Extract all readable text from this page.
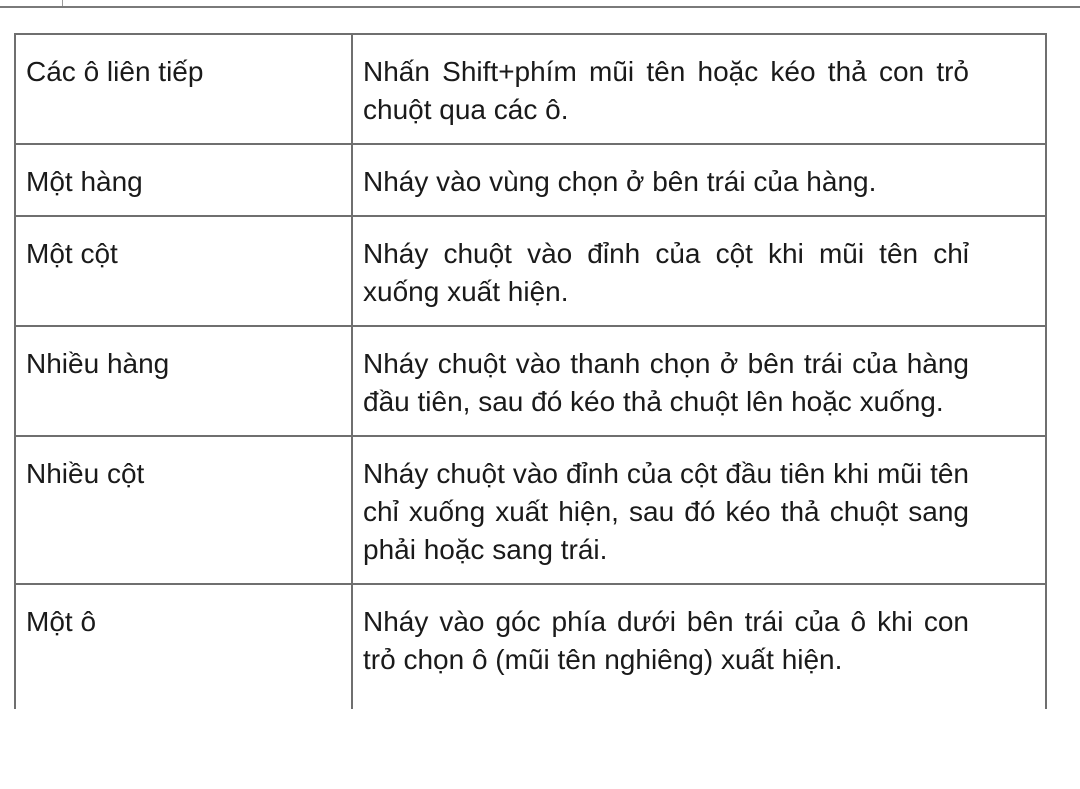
Các ô liên tiếp	Nhấn Shift+phím mũi tên hoặc kéo thả con trỏ chuột qua các ô.
Một hàng	Nháy vào vùng chọn ở bên trái của hàng.
Một cột	Nháy chuột vào đỉnh của cột khi mũi tên chỉ xuống xuất hiện.
Nhiều hàng	Nháy chuột vào thanh chọn ở bên trái của hàng đầu tiên, sau đó kéo thả chuột lên hoặc xuống.
Nhiều cột	Nháy chuột vào đỉnh của cột đầu tiên khi mũi tên chỉ xuống xuất hiện, sau đó kéo thả chuột sang phải hoặc sang trái.
Một ô	Nháy vào góc phía dưới bên trái của ô khi con trỏ chọn ô (mũi tên nghiêng) xuất hiện.
